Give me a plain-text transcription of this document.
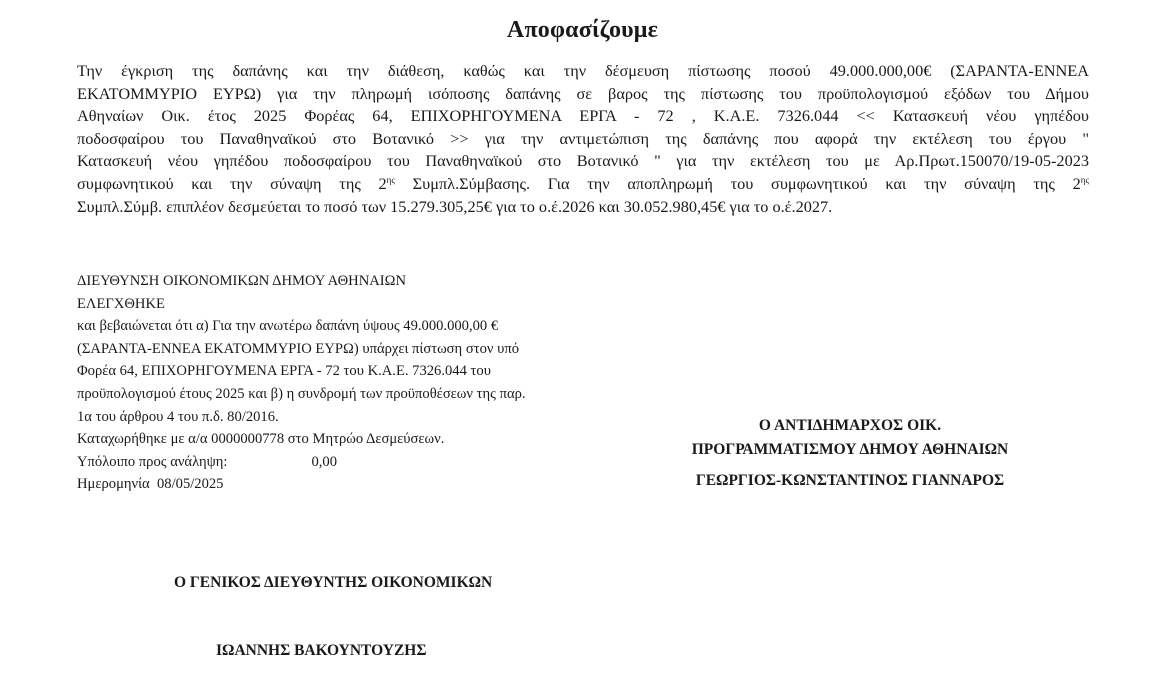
Αποφασίζουμε
Την έγκριση της δαπάνης και την διάθεση, καθώς και την δέσμευση πίστωσης ποσού 49.000.000,00€ (ΣΑΡΑΝΤΑ-ΕΝΝΕΑ
ΕΚΑΤΟΜΜΥΡΙΟ ΕΥΡΩ) για την πληρωμή ισόποσης δαπάνης σε βαρος της πίστωσης του προϋπολογισμού εξόδων του Δήμου
Αθηναίων Οικ. έτος 2025 Φορέας 64, ΕΠΙΧΟΡΗΓΟΥΜΕΝΑ ΕΡΓΑ - 72 , Κ.Α.Ε. 7326.044 << Κατασκευή νέου γηπέδου
ποδοσφαίρου του Παναθηναϊκού στο Βοτανικό >> για την αντιμετώπιση της δαπάνης που αφορά την εκτέλεση του έργου "
Κατασκευή νέου γηπέδου ποδοσφαίρου του Παναθηναϊκού στο Βοτανικό " για την εκτέλεση του με Αρ.Πρωτ.150070/19-05-2023
συμφωνητικού και την σύναψη της $2^{\eta\varsigma}$ Συμπλ.Σύμβασης. Για την αποπληρωμή του συμφωνητικού και την σύναψη της $2^{\eta\varsigma}$
Συμπλ.Σύμβ. επιπλέον δεσμεύεται το ποσό των 15.279.305,25€ για το ο.έ.2026 και 30.052.980,45€ για το ο.έ.2027.
ΔΙΕΥΘΥΝΣΗ ΟΙΚΟΝΟΜΙΚΩΝ ΔΗΜΟΥ ΑΘΗΝΑΙΩΝ
ΕΛΕΓΧΘΗΚΕ
και βεβαιώνεται ότι α) Για την ανωτέρω δαπάνη ύψους 49.000.000,00 €
(ΣΑΡΑΝΤΑ-ΕΝΝΕΑ ΕΚΑΤΟΜΜΥΡΙΟ ΕΥΡΩ) υπάρχει πίστωση στον υπό
Φορέα 64, ΕΠΙΧΟΡΗΓΟΥΜΕΝΑ ΕΡΓΑ - 72 του Κ.Α.Ε. 7326.044 του
προϋπολογισμού έτους 2025 και β) η συνδρομή των προϋποθέσεων της παρ.
1α του άρθρου 4 του π.δ. 80/2016.
Καταχωρήθηκε με α/α 0000000778 στο Μητρώο Δεσμεύσεων.
Υπόλοιπο προς ανάληψη:	0,00
Ημερομηνία 08/05/2025
Ο ΑΝΤΙΔΗΜΑΡΧΟΣ ΟΙΚ.
ΠΡΟΓΡΑΜΜΑΤΙΣΜΟΥ ΔΗΜΟΥ ΑΘΗΝΑΙΩΝ
ΓΕΩΡΓΙΟΣ-ΚΩΝΣΤΑΝΤΙΝΟΣ ΓΙΑΝΝΑΡΟΣ
Ο ΓΕΝΙΚΟΣ ΔΙΕΥΘΥΝΤΗΣ ΟΙΚΟΝΟΜΙΚΩΝ
ΙΩΑΝΝΗΣ ΒΑΚΟΥΝΤΟΥΖΗΣ
